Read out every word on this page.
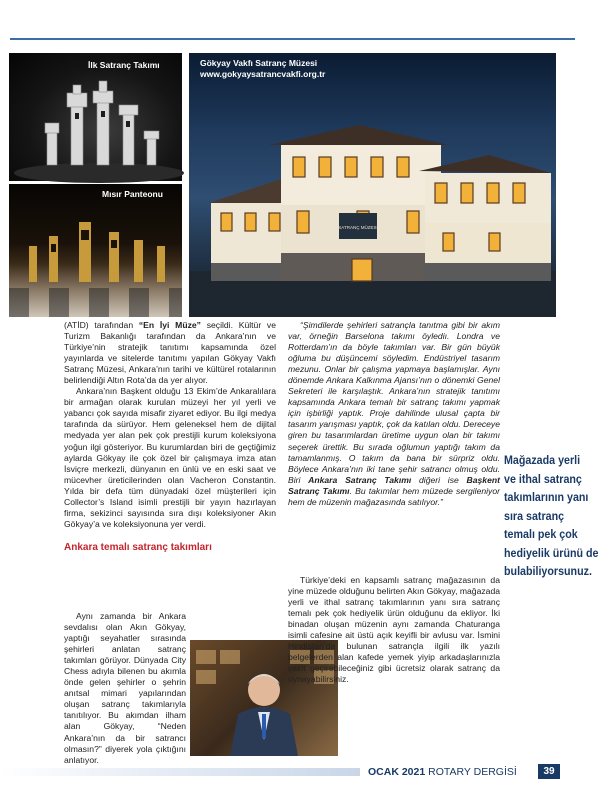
İlk Satranç Takımı
Mısır Panteonu
SATRANÇ MÜZESİ
Gökyay Vakfı Satranç Müzesi
www.gokyaysatrancvakfi.org.tr

(ATİD) tarafından “En İyi Müze” seçildi. Kültür ve Turizm Bakanlığı tarafından da Ankara’nın ve Türkiye’nin stratejik tanıtımı kapsamında özel yayınlarda ve sitelerde tanıtımı yapılan Gökyay Vakfı Satranç Müzesi, Ankara’nın tarihi ve kültürel rotalarının belirlendiği Altın Rota’da da yer alıyor.

Ankara’nın Başkent olduğu 13 Ekim’de Ankaralılara bir armağan olarak kurulan müzeyi her yıl yerli ve yabancı çok sayıda misafir ziyaret ediyor. Bu ilgi medya tarafında da sürüyor. Hem geleneksel hem de dijital medyada yer alan pek çok prestijli kurum koleksiyona yoğun ilgi gösteriyor. Bu kurumlardan biri de geçtiğimiz aylarda Gökyay ile çok özel bir çalışmaya imza atan İsviçre merkezli, dünyanın en ünlü ve en eski saat ve mücevher üreticilerinden olan Vacheron Constantin. Yılda bir defa tüm dünyadaki özel müşterileri için Collector’s Island isimli prestijli bir yayın hazırlayan firma, sekizinci sayısında sıra dışı koleksiyoner Akın Gökyay’a ve koleksiyonuna yer verdi.

Ankara temalı satranç takımları

Aynı zamanda bir Ankara sevdalısı olan Akın Gökyay, yaptığı seyahatler sırasında şehirleri anlatan satranç takımları görüyor. Dünyada City Chess adıyla bilenen bu akımla önde gelen şehirler o şehrin anıtsal mimari yapılarından oluşan satranç takımlarıyla tanıtılıyor. Bu akımdan ilham alan Gökyay, “Neden Ankara’nın da bir satrancı olmasın?” diyerek yola çıktığını anlatıyor.

“Şimdilerde şehirleri satrançla tanıtma gibi bir akım var, örneğin Barselona takımı öylediı. Londra ve Rotterdam’ın da böyle takımları var. Bir gün büyük oğluma bu düşüncemi söyledim. Endüstriyel tasarım mezunu. Onlar bir çalışma yapmaya başlamışlar. Aynı dönemde Ankara Kalkınma Ajansı’nın o dönemki Genel Sekreteri ile karşılaştık. Ankara’nın stratejik tanıtımı kapsamında Ankara temalı bir satranç takımı yapmak için işbirliği yaptık. Proje dahilinde ulusal çapta bir tasarım yarışması yaptık, çok da katılan oldu. Dereceye giren bu tasarımlardan üretime uygun olan bir takımı seçerek ürettik. Bu sırada oğlumun yaptığı takım da tamamlanmış. O takım da bana bir sürpriz oldu. Böylece Ankara’nın iki tane şehir satrancı olmuş oldu. Biri Ankara Satranç Takımı diğeri ise Başkent Satranç Takımı. Bu takımlar hem müzede sergileniyor hem de müzenin mağazasında satılıyor.”

Türkiye’deki en kapsamlı satranç mağazasının da yine müzede olduğunu belirten Akın Gökyay, mağazada yerli ve ithal satranç takımlarının yanı sıra satranç temalı pek çok hediyelik ürün olduğunu da ekliyor. İki binadan oluşan müzenin aynı zamanda Chaturanga isimli cafesine ait üstü açık keyifli bir avlusu var. İsmini Hindistan’da bulunan satrançla ilgili ilk yazılı belgelerden alan kafede yemek yiyip arkadaşlarınızla vakit geçirebileceğiniz gibi ücretsiz olarak satranç da oynayabilirsiniz.

Mağazada yerli
ve ithal satranç
takımlarının yanı
sıra satranç
temalı pek çok
hediyelik ürünü de
bulabiliyorsunuz.
OCAK 2021 ROTARY DERGİSİ	39
